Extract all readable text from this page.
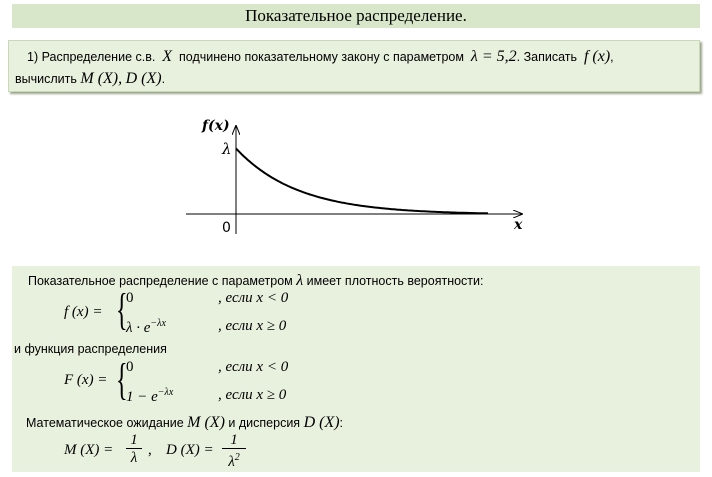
Показательное распределение.
1) Распределение с.в. X подчинено показательному закону с параметром λ = 5,2. Записать f (x),
вычислить M (X), D (X).
f(x)
λ
0	x
Показательное распределение с параметром λ имеет плотность вероятности:
f (x) = {
0	, если x < 0
$\lambda \cdot e^{-\lambda x}$	, если x ≥ 0
и функция распределения
F (x) = {
0	, если x < 0
$1 - e^{-\lambda x}$	, если x ≥ 0
Математическое ожидание M (X) и дисперсия D (X):
M $(X) = \frac{1}{\lambda}$ , D $(X) = \frac{1}{\lambda^2}$
